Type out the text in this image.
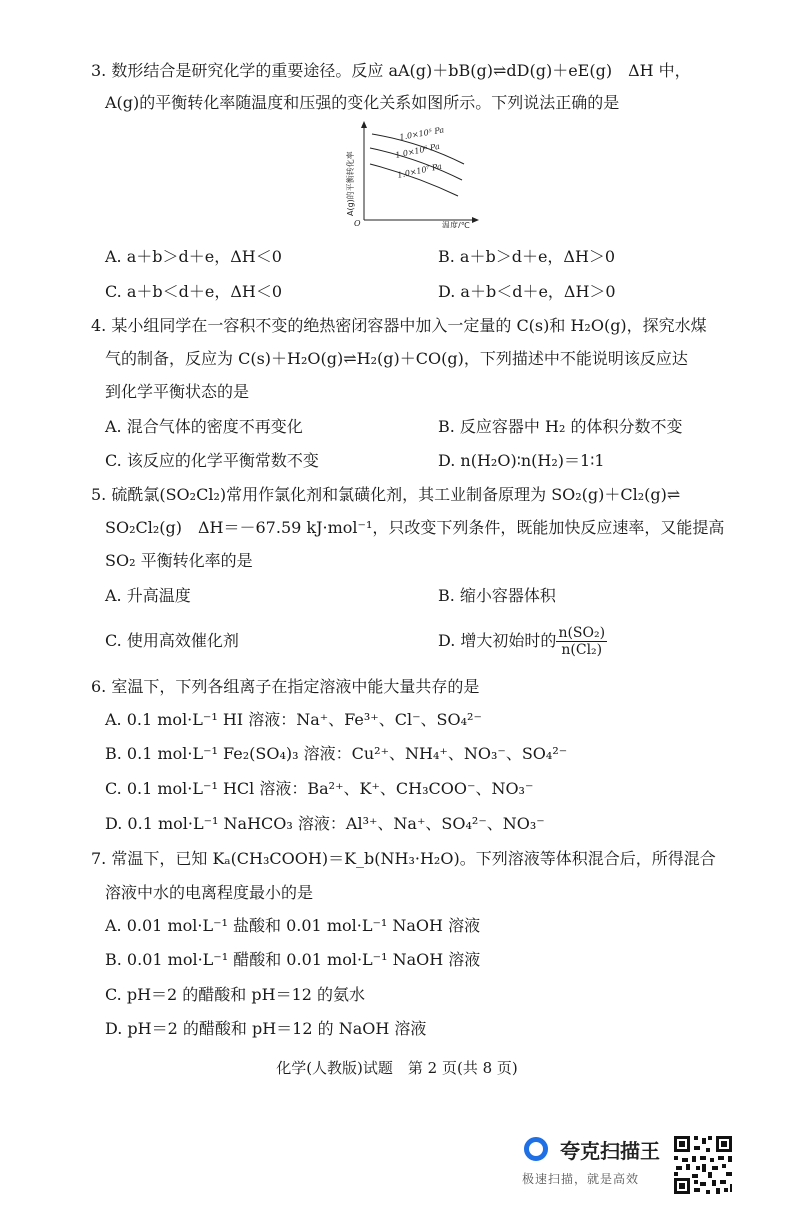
3. 数形结合是研究化学的重要途径。反应 aA(g)＋bB(g)⇌dD(g)＋eE(g)　ΔH 中，
A(g)的平衡转化率随温度和压强的变化关系如图所示。下列说法正确的是
1.0×10⁵ Pa
1.0×10⁶ Pa
1.0×10⁷ Pa
A(g)的平衡转化率
O	温度/℃
A. a＋b＞d＋e，ΔH＜0	B. a＋b＞d＋e，ΔH＞0
C. a＋b＜d＋e，ΔH＜0	D. a＋b＜d＋e，ΔH＞0
4. 某小组同学在一容积不变的绝热密闭容器中加入一定量的 C(s)和 H₂O(g)，探究水煤
气的制备，反应为 C(s)＋H₂O(g)⇌H₂(g)＋CO(g)，下列描述中不能说明该反应达
到化学平衡状态的是
A. 混合气体的密度不再变化	B. 反应容器中 H₂ 的体积分数不变
C. 该反应的化学平衡常数不变	D. n(H₂O)∶n(H₂)＝1∶1
5. 硫酰氯(SO₂Cl₂)常用作氯化剂和氯磺化剂，其工业制备原理为 SO₂(g)＋Cl₂(g)⇌
SO₂Cl₂(g)　ΔH＝－67.59 kJ·mol⁻¹，只改变下列条件，既能加快反应速率，又能提高
SO₂ 平衡转化率的是
A. 升高温度	B. 缩小容器体积
C. 使用高效催化剂	D. 增大初始时的 $\frac{\text{n(SO₂)}}{\text{n(Cl₂)}}$
6. 室温下，下列各组离子在指定溶液中能大量共存的是
A. 0.1 mol·L⁻¹ HI 溶液：Na⁺、Fe³⁺、Cl⁻、SO₄²⁻
B. 0.1 mol·L⁻¹ Fe₂(SO₄)₃ 溶液：Cu²⁺、NH₄⁺、NO₃⁻、SO₄²⁻
C. 0.1 mol·L⁻¹ HCl 溶液：Ba²⁺、K⁺、CH₃COO⁻、NO₃⁻
D. 0.1 mol·L⁻¹ NaHCO₃ 溶液：Al³⁺、Na⁺、SO₄²⁻、NO₃⁻
7. 常温下，已知 Kₐ(CH₃COOH)＝K_b(NH₃·H₂O)。下列溶液等体积混合后，所得混合
溶液中水的电离程度最小的是
A. 0.01 mol·L⁻¹ 盐酸和 0.01 mol·L⁻¹ NaOH 溶液
B. 0.01 mol·L⁻¹ 醋酸和 0.01 mol·L⁻¹ NaOH 溶液
C. pH＝2 的醋酸和 pH＝12 的氨水
D. pH＝2 的醋酸和 pH＝12 的 NaOH 溶液
化学(人教版)试题　第 2 页(共 8 页)
夸克扫描王
极速扫描，就是高效
